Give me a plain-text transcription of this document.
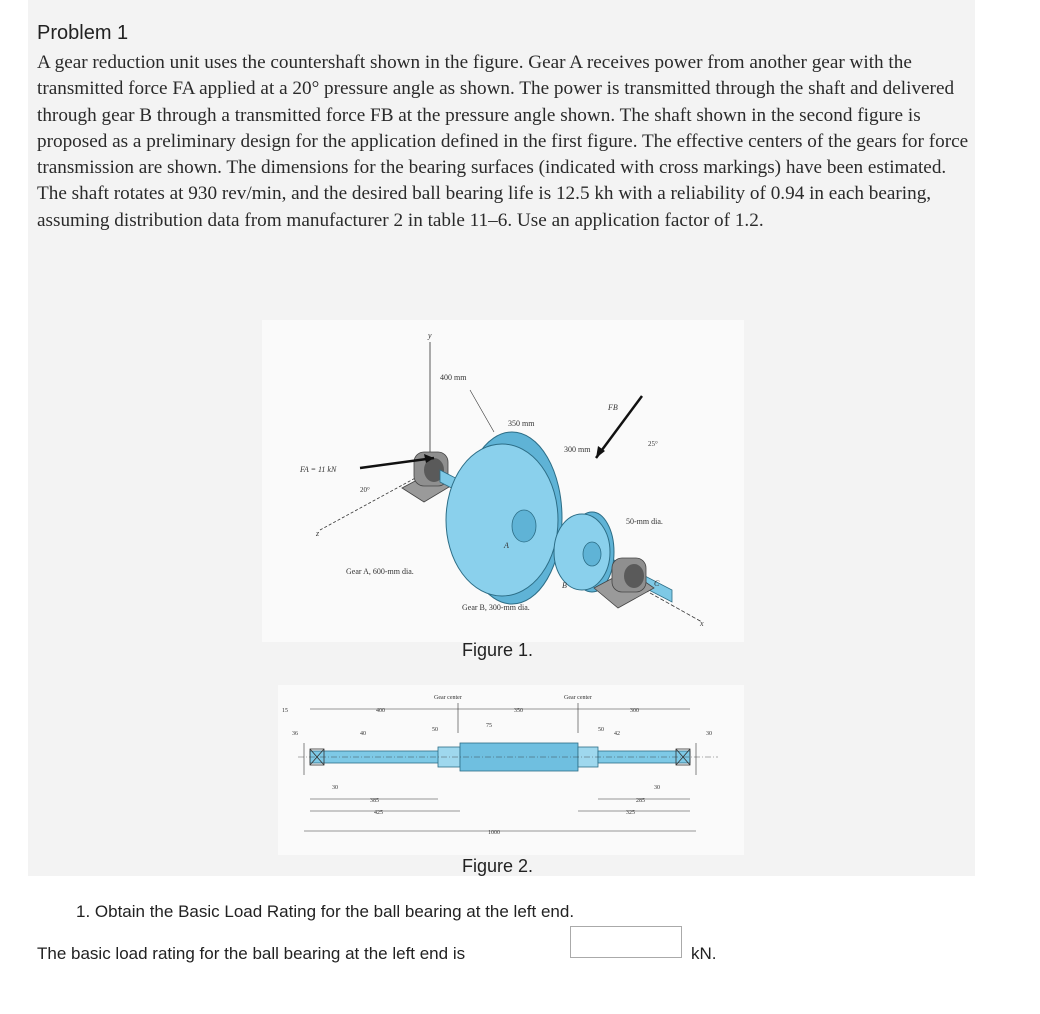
Problem 1

A gear reduction unit uses the countershaft shown in the figure. Gear A receives power from another gear with the transmitted force FA applied at a 20° pressure angle as shown. The power is transmitted through the shaft and delivered through gear B through a transmitted force FB at the pressure angle shown. The shaft shown in the second figure is proposed as a preliminary design for the application defined in the first figure. The effective centers of the gears for force transmission are shown. The dimensions for the bearing surfaces (indicated with cross markings) have been estimated. The shaft rotates at 930 rev/min, and the desired ball bearing life is 12.5 kh with a reliability of 0.94 in each bearing, assuming distribution data from manufacturer 2 in table 11–6. Use an application factor of 1.2.

y
z
x
FA = 11 kN
20°
FB
25°
400 mm
350 mm
300 mm
50-mm dia.
Gear A, 600-mm dia.
Gear B, 300-mm dia.
A
B	C
Figure 1.
Gear center	Gear center
400	350	300
15
36	40
50
75
50
42	30
30	30
385
425
285
325
1000
Figure 2.
1. Obtain the Basic Load Rating for the ball bearing at the left end.
The basic load rating for the ball bearing at the left end is	kN.
